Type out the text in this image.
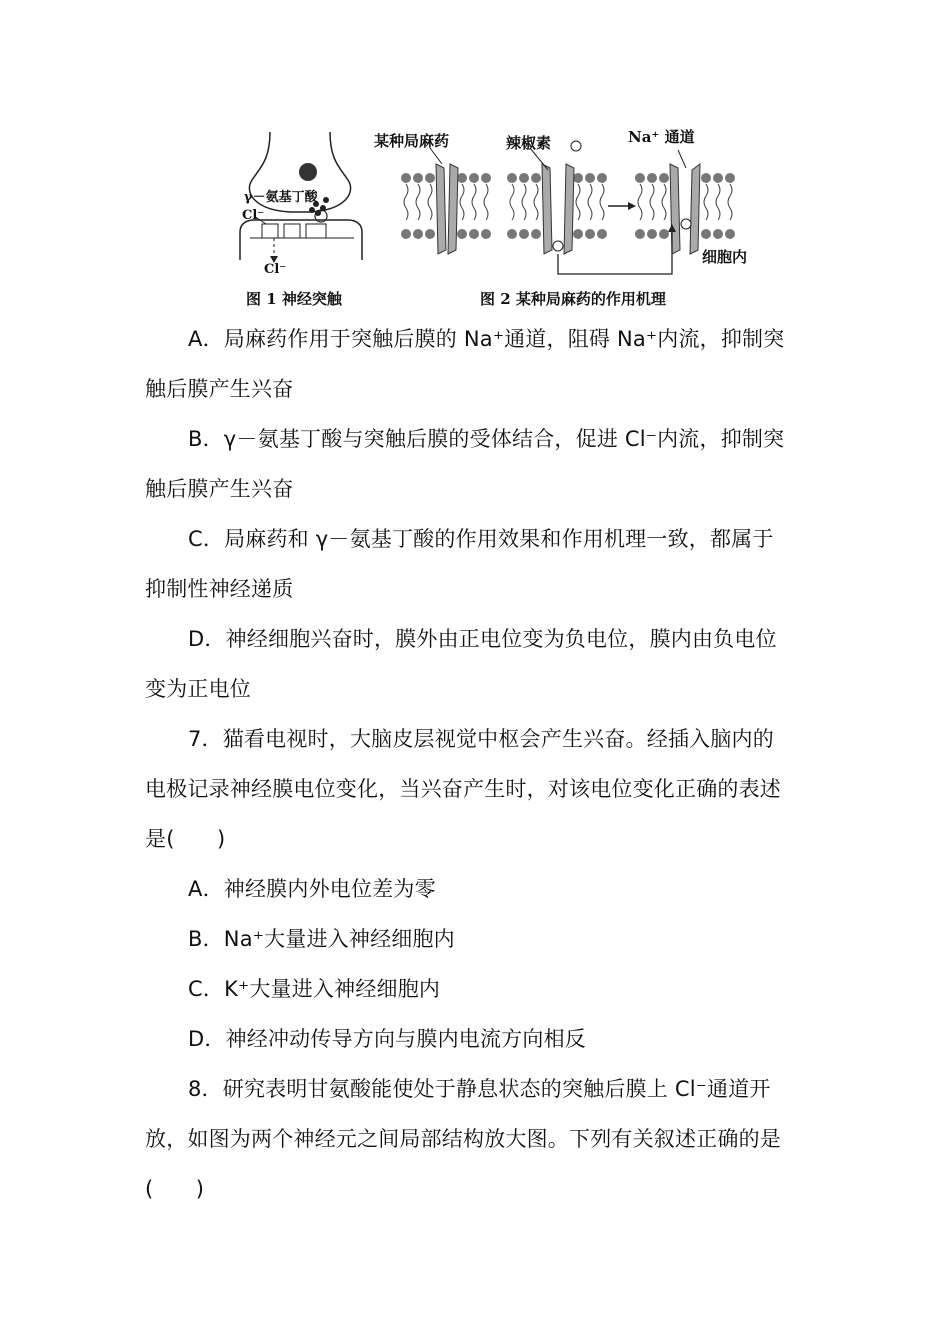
γ－氨基丁酸
Cl⁻
Cl⁻
图 1 神经突触
某种局麻药	辣椒素	Na⁺ 通道
细胞内
图 2 某种局麻药的作用机理
A．局麻药作用于突触后膜的 Na⁺通道，阻碍 Na⁺内流，抑制突
触后膜产生兴奋
B．γ－氨基丁酸与突触后膜的受体结合，促进 Cl⁻内流，抑制突
触后膜产生兴奋
C．局麻药和 γ－氨基丁酸的作用效果和作用机理一致，都属于
抑制性神经递质
D．神经细胞兴奋时，膜外由正电位变为负电位，膜内由负电位
变为正电位
7．猫看电视时，大脑皮层视觉中枢会产生兴奋。经插入脑内的
电极记录神经膜电位变化，当兴奋产生时，对该电位变化正确的表述
是(　　)
A．神经膜内外电位差为零
B．Na⁺大量进入神经细胞内
C．K⁺大量进入神经细胞内
D．神经冲动传导方向与膜内电流方向相反
8．研究表明甘氨酸能使处于静息状态的突触后膜上 Cl⁻通道开
放，如图为两个神经元之间局部结构放大图。下列有关叙述正确的是
(　　)
